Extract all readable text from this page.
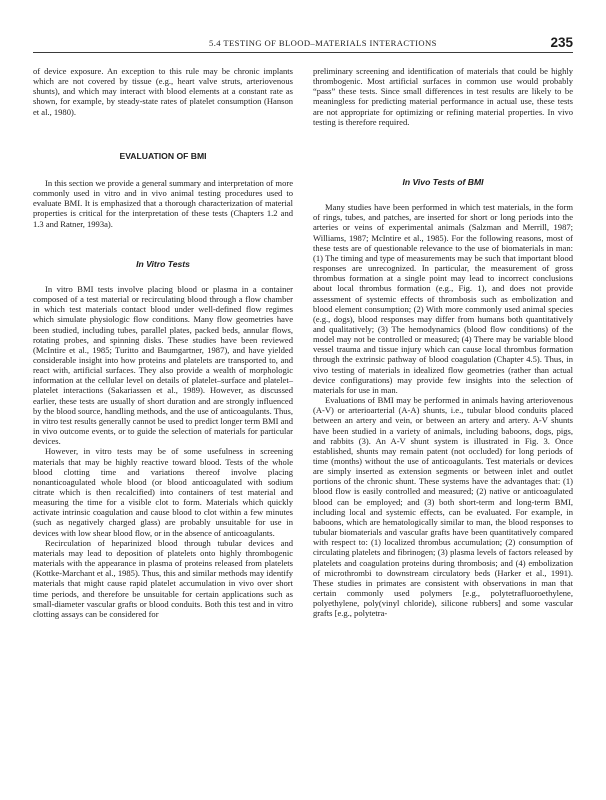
5.4 TESTING OF BLOOD–MATERIALS INTERACTIONS	235

of device exposure. An exception to this rule may be chronic implants which are not covered by tissue (e.g., heart valve struts, arteriovenous shunts), and which may interact with blood elements at a constant rate as shown, for example, by steady-state rates of platelet consumption (Hanson et al., 1980).

EVALUATION OF BMI

In this section we provide a general summary and interpretation of more commonly used in vitro and in vivo animal testing procedures used to evaluate BMI. It is emphasized that a thorough characterization of material properties is critical for the interpretation of these tests (Chapters 1.2 and 1.3 and Ratner, 1993a).

In Vitro Tests

In vitro BMI tests involve placing blood or plasma in a container composed of a test material or recirculating blood through a flow chamber in which test materials contact blood under well-defined flow regimes which simulate physiologic flow conditions. Many flow geometries have been studied, including tubes, parallel plates, packed beds, annular flows, rotating probes, and spinning disks. These studies have been reviewed (McIntire et al., 1985; Turitto and Baumgartner, 1987), and have yielded considerable insight into how proteins and platelets are transported to, and react with, artificial surfaces. They also provide a wealth of morphologic information at the cellular level on details of platelet–surface and platelet–platelet interactions (Sakariassen et al., 1989). However, as discussed earlier, these tests are usually of short duration and are strongly influenced by the blood source, handling methods, and the use of anticoagulants. Thus, in vitro test results generally cannot be used to predict longer term BMI and in vivo outcome events, or to guide the selection of materials for particular devices.

However, in vitro tests may be of some usefulness in screening materials that may be highly reactive toward blood. Tests of the whole blood clotting time and variations thereof involve placing nonanticoagulated whole blood (or blood anticoagulated with sodium citrate which is then recalcified) into containers of test material and measuring the time for a visible clot to form. Materials which quickly activate intrinsic coagulation and cause blood to clot within a few minutes (such as negatively charged glass) are probably unsuitable for use in devices with low shear blood flow, or in the absence of anticoagulants.

Recirculation of heparinized blood through tubular devices and materials may lead to deposition of platelets onto highly thrombogenic materials with the appearance in plasma of proteins released from platelets (Kottke-Marchant et al., 1985). Thus, this and similar methods may identify materials that might cause rapid platelet accumulation in vivo over short time periods, and therefore be unsuitable for certain applications such as small-diameter vascular grafts or blood conduits. Both this test and in vitro clotting assays can be considered for

preliminary screening and identification of materials that could be highly thrombogenic. Most artificial surfaces in common use would probably “pass” these tests. Since small differences in test results are likely to be meaningless for predicting material performance in actual use, these tests are not appropriate for optimizing or refining material properties. In vivo testing is therefore required.

In Vivo Tests of BMI

Many studies have been performed in which test materials, in the form of rings, tubes, and patches, are inserted for short or long periods into the arteries or veins of experimental animals (Salzman and Merrill, 1987; Williams, 1987; McIntire et al., 1985). For the following reasons, most of these tests are of questionable relevance to the use of biomaterials in man: (1) The timing and type of measurements may be such that important blood responses are unrecognized. In particular, the measurement of gross thrombus formation at a single point may lead to incorrect conclusions about local thrombus formation (e.g., Fig. 1), and does not provide assessment of systemic effects of thrombosis such as embolization and blood element consumption; (2) With more commonly used animal species (e.g., dogs), blood responses may differ from humans both quantitatively and qualitatively; (3) The hemodynamics (blood flow conditions) of the model may not be controlled or measured; (4) There may be variable blood vessel trauma and tissue injury which can cause local thrombus formation through the extrinsic pathway of blood coagulation (Chapter 4.5). Thus, in vivo testing of materials in idealized flow geometries (rather than actual device configurations) may provide few insights into the selection of materials for use in man.

Evaluations of BMI may be performed in animals having arteriovenous (A-V) or arterioarterial (A-A) shunts, i.e., tubular blood conduits placed between an artery and vein, or between an artery and artery. A-V shunts have been studied in a variety of animals, including baboons, dogs, pigs, and rabbits (3). An A-V shunt system is illustrated in Fig. 3. Once established, shunts may remain patent (not occluded) for long periods of time (months) without the use of anticoagulants. Test materials or devices are simply inserted as extension segments or between inlet and outlet portions of the chronic shunt. These systems have the advantages that: (1) blood flow is easily controlled and measured; (2) native or anticoagulated blood can be employed; and (3) both short-term and long-term BMI, including local and systemic effects, can be evaluated. For example, in baboons, which are hematologically similar to man, the blood responses to tubular biomaterials and vascular grafts have been quantitatively compared with respect to: (1) localized thrombus accumulation; (2) consumption of circulating platelets and fibrinogen; (3) plasma levels of factors released by platelets and coagulation proteins during thrombosis; and (4) embolization of microthrombi to downstream circulatory beds (Harker et al., 1991). These studies in primates are consistent with observations in man that certain commonly used polymers [e.g., polytetrafluoroethylene, polyethylene, poly(vinyl chloride), silicone rubbers] and some vascular grafts [e.g., polytetra-
